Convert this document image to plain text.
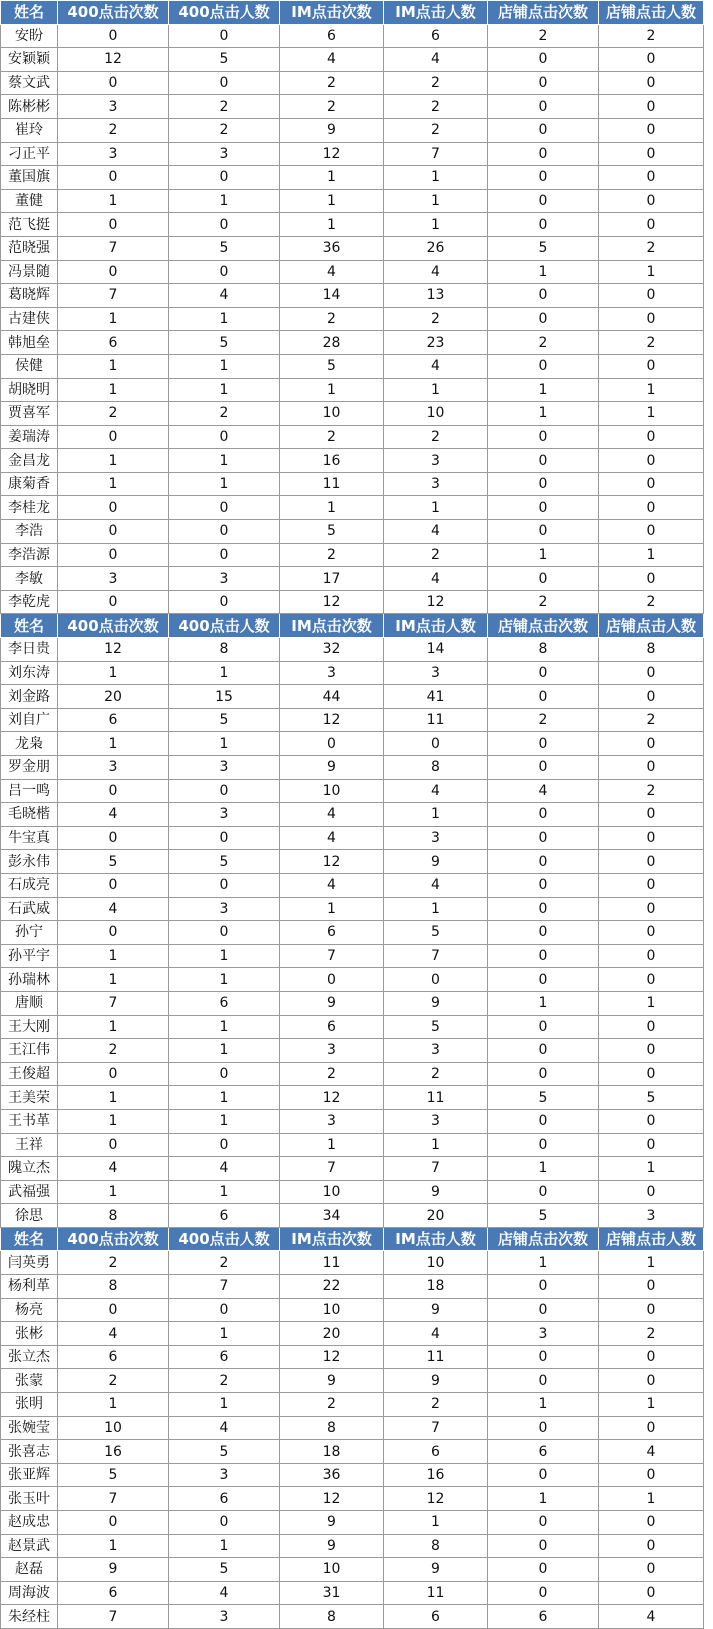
姓名	400点击次数	400点击人数	IM点击次数	IM点击人数	店铺点击次数	店铺点击人数
安盼	0	0	6	6	2	2
安颖颖	12	5	4	4	0	0
蔡文武	0	0	2	2	0	0
陈彬彬	3	2	2	2	0	0
崔玲	2	2	9	2	0	0
刁正平	3	3	12	7	0	0
董国旗	0	0	1	1	0	0
董健	1	1	1	1	0	0
范飞挺	0	0	1	1	0	0
范晓强	7	5	36	26	5	2
冯景随	0	0	4	4	1	1
葛晓辉	7	4	14	13	0	0
古建侠	1	1	2	2	0	0
韩旭垒	6	5	28	23	2	2
侯健	1	1	5	4	0	0
胡晓明	1	1	1	1	1	1
贾喜军	2	2	10	10	1	1
姜瑞涛	0	0	2	2	0	0
金昌龙	1	1	16	3	0	0
康菊香	1	1	11	3	0	0
李桂龙	0	0	1	1	0	0
李浩	0	0	5	4	0	0
李浩源	0	0	2	2	1	1
李敏	3	3	17	4	0	0
李乾虎	0	0	12	12	2	2
姓名	400点击次数	400点击人数	IM点击次数	IM点击人数	店铺点击次数	店铺点击人数
李日贵	12	8	32	14	8	8
刘东涛	1	1	3	3	0	0
刘金路	20	15	44	41	0	0
刘自广	6	5	12	11	2	2
龙枭	1	1	0	0	0	0
罗金朋	3	3	9	8	0	0
吕一鸣	0	0	10	4	4	2
毛晓楷	4	3	4	1	0	0
牛宝真	0	0	4	3	0	0
彭永伟	5	5	12	9	0	0
石成亮	0	0	4	4	0	0
石武威	4	3	1	1	0	0
孙宁	0	0	6	5	0	0
孙平宇	1	1	7	7	0	0
孙瑞林	1	1	0	0	0	0
唐顺	7	6	9	9	1	1
王大刚	1	1	6	5	0	0
王江伟	2	1	3	3	0	0
王俊超	0	0	2	2	0	0
王美荣	1	1	12	11	5	5
王书革	1	1	3	3	0	0
王祥	0	0	1	1	0	0
隗立杰	4	4	7	7	1	1
武福强	1	1	10	9	0	0
徐思	8	6	34	20	5	3
姓名	400点击次数	400点击人数	IM点击次数	IM点击人数	店铺点击次数	店铺点击人数
闫英勇	2	2	11	10	1	1
杨利革	8	7	22	18	0	0
杨亮	0	0	10	9	0	0
张彬	4	1	20	4	3	2
张立杰	6	6	12	11	0	0
张蒙	2	2	9	9	0	0
张明	1	1	2	2	1	1
张婉莹	10	4	8	7	0	0
张喜志	16	5	18	6	6	4
张亚辉	5	3	36	16	0	0
张玉叶	7	6	12	12	1	1
赵成忠	0	0	9	1	0	0
赵景武	1	1	9	8	0	0
赵磊	9	5	10	9	0	0
周海波	6	4	31	11	0	0
朱经柱	7	3	8	6	6	4
